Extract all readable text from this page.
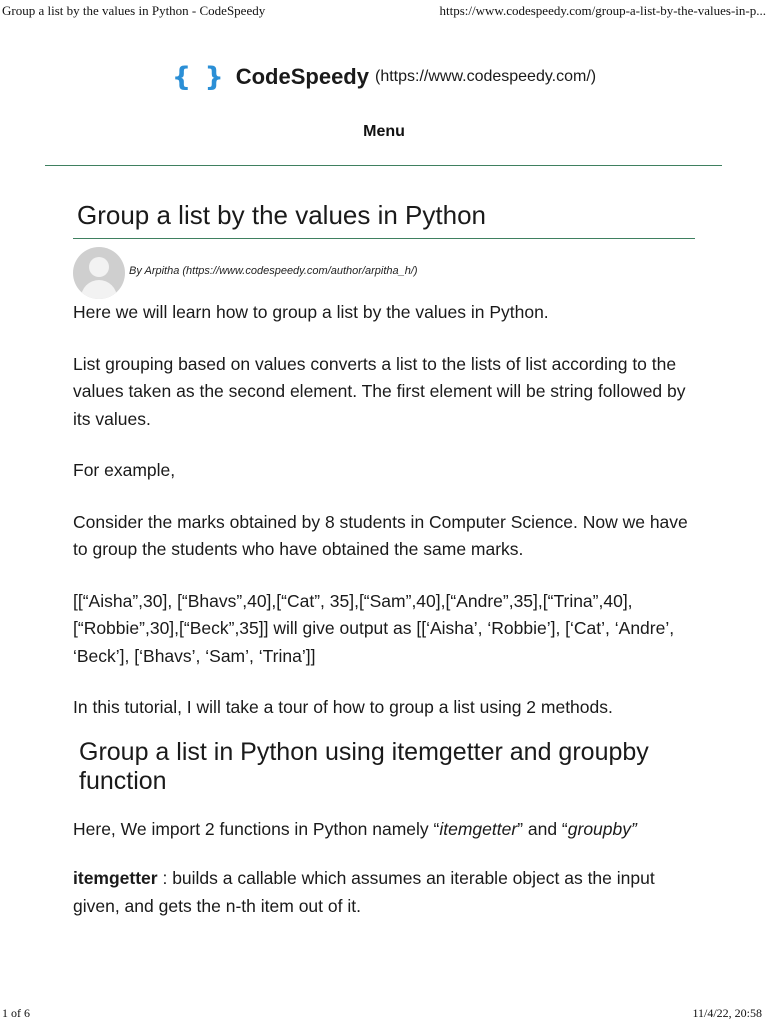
Group a list by the values in Python - CodeSpeedy	https://www.codespeedy.com/group-a-list-by-the-values-in-p...
{ } CodeSpeedy (https://www.codespeedy.com/)
Menu
Group a list by the values in Python
By Arpitha (https://www.codespeedy.com/author/arpitha_h/)

Here we will learn how to group a list by the values in Python.

List grouping based on values converts a list to the lists of list according to the values taken as the second element. The first element will be string followed by its values.

For example,

Consider the marks obtained by 8 students in Computer Science. Now we have to group the students who have obtained the same marks.

[[“Aisha”,30], [“Bhavs”,40],[“Cat”, 35],[“Sam”,40],[“Andre”,35],[“Trina”,40], [“Robbie”,30],[“Beck”,35]] will give output as [[‘Aisha’, ‘Robbie’], [‘Cat’, ‘Andre’, ‘Beck’], [‘Bhavs’, ‘Sam’, ‘Trina’]]

In this tutorial, I will take a tour of how to group a list using 2 methods.

Group a list in Python using itemgetter and groupby function

Here, We import 2 functions in Python namely “itemgetter” and “groupby”

itemgetter : builds a callable which assumes an iterable object as the input given, and gets the n-th item out of it.

1 of 6	11/4/22, 20:58
